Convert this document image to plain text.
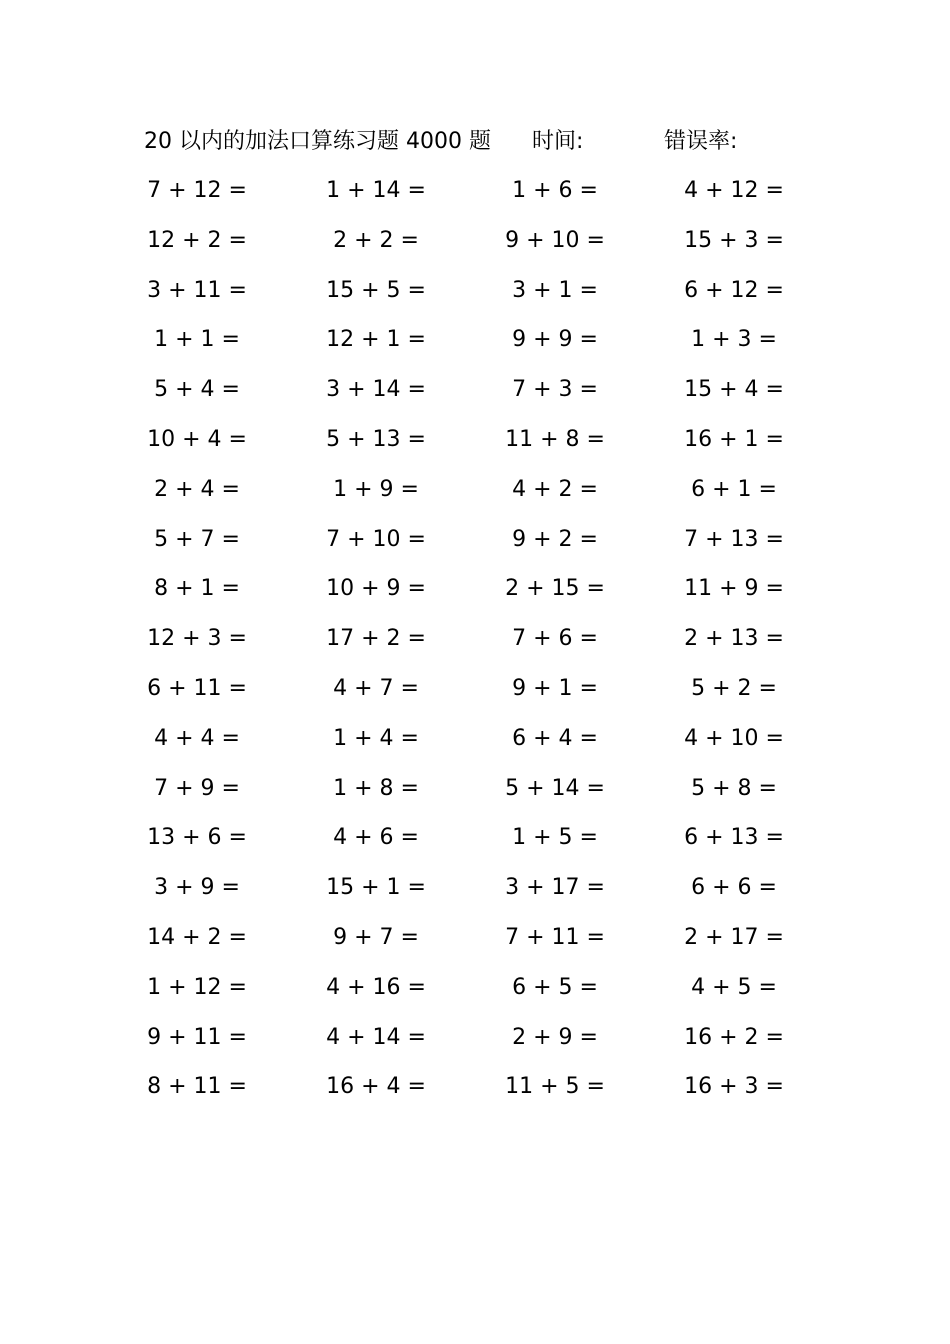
20 以内的加法口算练习题 4000 题 时间:	错误率:
7 + 12 =	1 + 14 =	1 + 6 =	4 + 12 =
12 + 2 =	2 + 2 =	9 + 10 =	15 + 3 =
3 + 11 =	15 + 5 =	3 + 1 =	6 + 12 =
1 + 1 =	12 + 1 =	9 + 9 =	1 + 3 =
5 + 4 =	3 + 14 =	7 + 3 =	15 + 4 =
10 + 4 =	5 + 13 =	11 + 8 =	16 + 1 =
2 + 4 =	1 + 9 =	4 + 2 =	6 + 1 =
5 + 7 =	7 + 10 =	9 + 2 =	7 + 13 =
8 + 1 =	10 + 9 =	2 + 15 =	11 + 9 =
12 + 3 =	17 + 2 =	7 + 6 =	2 + 13 =
6 + 11 =	4 + 7 =	9 + 1 =	5 + 2 =
4 + 4 =	1 + 4 =	6 + 4 =	4 + 10 =
7 + 9 =	1 + 8 =	5 + 14 =	5 + 8 =
13 + 6 =	4 + 6 =	1 + 5 =	6 + 13 =
3 + 9 =	15 + 1 =	3 + 17 =	6 + 6 =
14 + 2 =	9 + 7 =	7 + 11 =	2 + 17 =
1 + 12 =	4 + 16 =	6 + 5 =	4 + 5 =
9 + 11 =	4 + 14 =	2 + 9 =	16 + 2 =
8 + 11 =	16 + 4 =	11 + 5 =	16 + 3 =
